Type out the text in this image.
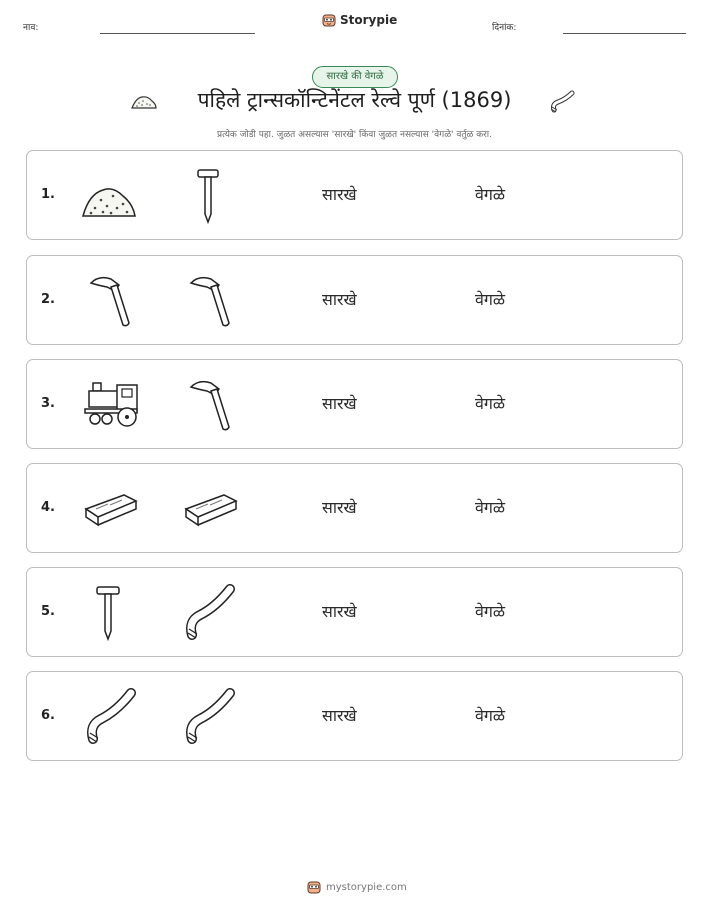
नाव:
Storypie
दिनांक:
सारखे की वेगळे
पहिले ट्रान्सकॉन्टिनेंटल रेल्वे पूर्ण (1869)
प्रत्येक जोडी पहा. जुळत असल्यास 'सारखे' किंवा जुळत नसल्यास 'वेगळे' वर्तुळ करा.
1.	सारखे	वेगळे
2.	सारखे	वेगळे
3.	सारखे	वेगळे
4.	सारखे	वेगळे
5.	सारखे	वेगळे
6.	सारखे	वेगळे
mystorypie.com
